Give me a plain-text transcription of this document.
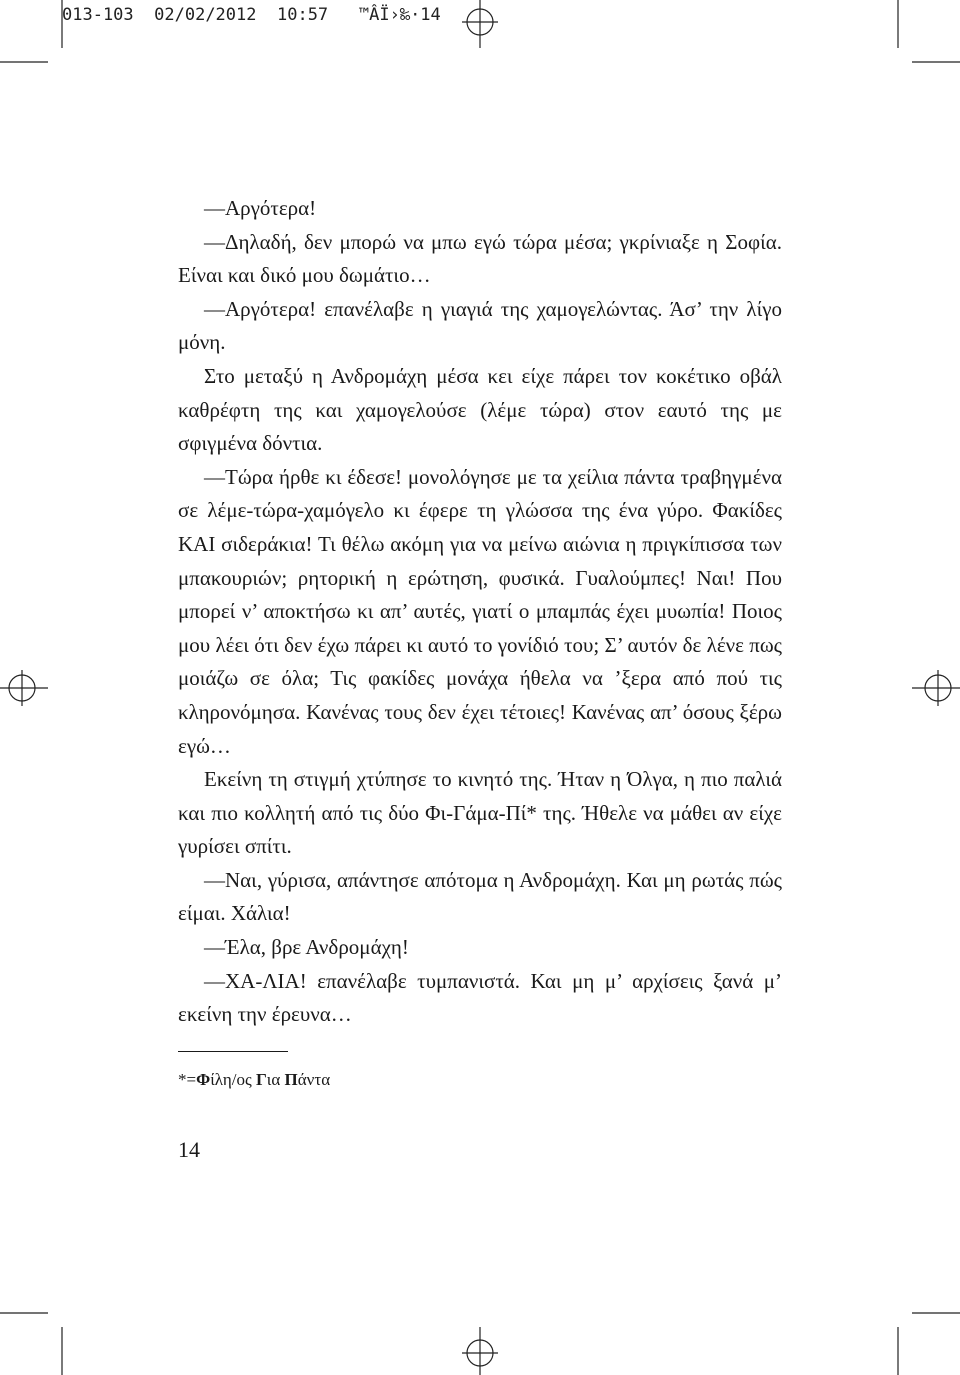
013-103 02/02/2012 10:57 ™ÂÏ›‰·14

—Αργότερα!

—Δηλαδή, δεν μπορώ να μπω εγώ τώρα μέσα; γκρίνιαξε η Σοφία. Είναι και δικό μου δωμάτιο…

—Αργότερα! επανέλαβε η γιαγιά της χαμογελώντας. Άσ’ την λίγο μόνη.

Στο μεταξύ η Ανδρομάχη μέσα κει είχε πάρει τον κοκέτικο οβάλ καθρέφτη της και χαμογελούσε (λέμε τώρα) στον εαυτό της με σφιγμένα δόντια.

—Τώρα ήρθε κι έδεσε! μονολόγησε με τα χείλια πάντα τραβηγμένα σε λέμε-τώρα-χαμόγελο κι έφερε τη γλώσσα της ένα γύρο. Φακίδες ΚΑΙ σιδεράκια! Τι θέλω ακόμη για να μείνω αιώνια η πριγκίπισσα των μπακουριών; ρητορική η ερώτηση, φυσικά. Γυαλούμπες! Ναι! Που μπορεί ν’ αποκτήσω κι απ’ αυτές, γιατί ο μπαμπάς έχει μυωπία! Ποιος μου λέει ότι δεν έχω πάρει κι αυτό το γονίδιό του; Σ’ αυτόν δε λένε πως μοιάζω σε όλα; Τις φακίδες μονάχα ήθελα να ’ξερα από πού τις κληρονόμησα. Κανένας τους δεν έχει τέτοιες! Κανένας απ’ όσους ξέρω εγώ…

Εκείνη τη στιγμή χτύπησε το κινητό της. Ήταν η Όλγα, η πιο παλιά και πιο κολλητή από τις δύο Φι-Γάμα-Πί* της. Ήθελε να μάθει αν είχε γυρίσει σπίτι.

—Ναι, γύρισα, απάντησε απότομα η Ανδρομάχη. Και μη ρωτάς πώς είμαι. Χάλια!

—Έλα, βρε Ανδρομάχη!

—ΧΑ-ΛΙΑ! επανέλαβε τυμπανιστά. Και μη μ’ αρχίσεις ξανά μ’ εκείνη την έρευνα…

*=Φίλη/ος Για Πάντα
14
